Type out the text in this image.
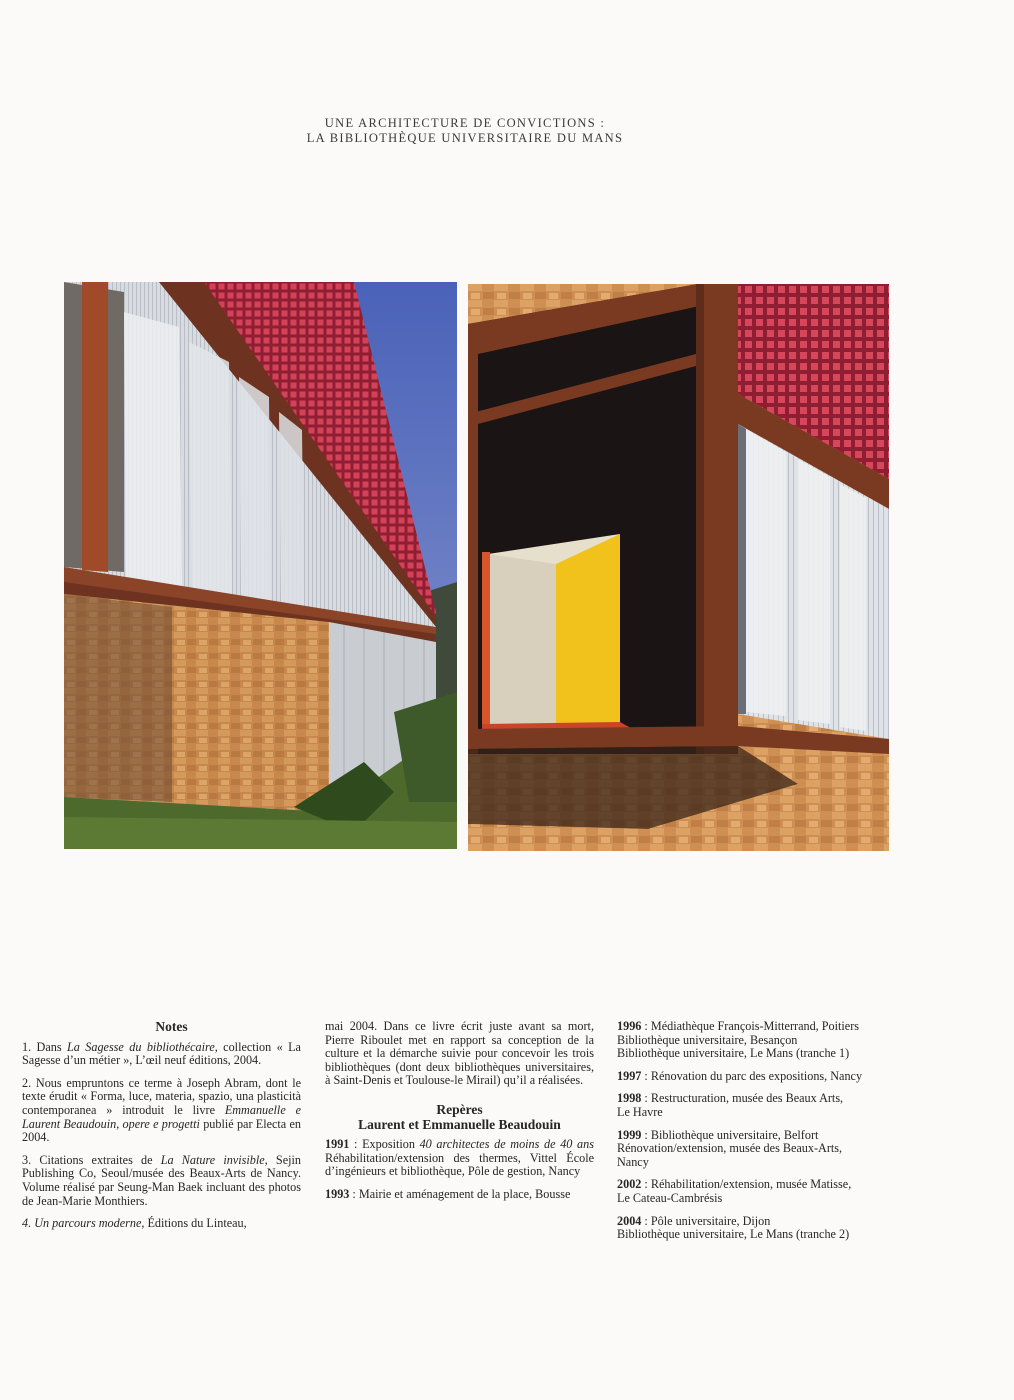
UNE ARCHITECTURE DE CONVICTIONS :
LA BIBLIOTHÈQUE UNIVERSITAIRE DU MANS

Notes

1. Dans La Sagesse du bibliothécaire, collection « La Sagesse d’un métier », L’œil neuf éditions, 2004.

2. Nous empruntons ce terme à Joseph Abram, dont le texte érudit « Forma, luce, materia, spazio, una plasticità contemporanea » introduit le livre Emmanuelle e Laurent Beaudouin, opere e progetti publié par Electa en 2004.

3. Citations extraites de La Nature invisible, Sejin Publishing Co, Seoul/musée des Beaux-Arts de Nancy. Volume réalisé par Seung-Man Baek incluant des photos de Jean-Marie Monthiers.

4. Un parcours moderne, Éditions du Linteau,

mai 2004. Dans ce livre écrit juste avant sa mort, Pierre Riboulet met en rapport sa conception de la culture et la démarche suivie pour concevoir les trois bibliothèques (dont deux bibliothèques universitaires, à Saint-Denis et Toulouse-le Mirail) qu’il a réalisées.

Repères
Laurent et Emmanuelle Beaudouin

1991 : Exposition 40 architectes de moins de 40 ans Réhabilitation/extension des thermes, Vittel École d’ingénieurs et bibliothèque, Pôle de gestion, Nancy

1993 : Mairie et aménagement de la place, Bousse

1996 : Médiathèque François-Mitterrand, Poitiers
Bibliothèque universitaire, Besançon
Bibliothèque universitaire, Le Mans (tranche 1)
1997 : Rénovation du parc des expositions, Nancy
1998 : Restructuration, musée des Beaux Arts,
Le Havre
1999 : Bibliothèque universitaire, Belfort
Rénovation/extension, musée des Beaux-Arts,
Nancy
2002 : Réhabilitation/extension, musée Matisse,
Le Cateau-Cambrésis
2004 : Pôle universitaire, Dijon
Bibliothèque universitaire, Le Mans (tranche 2)
